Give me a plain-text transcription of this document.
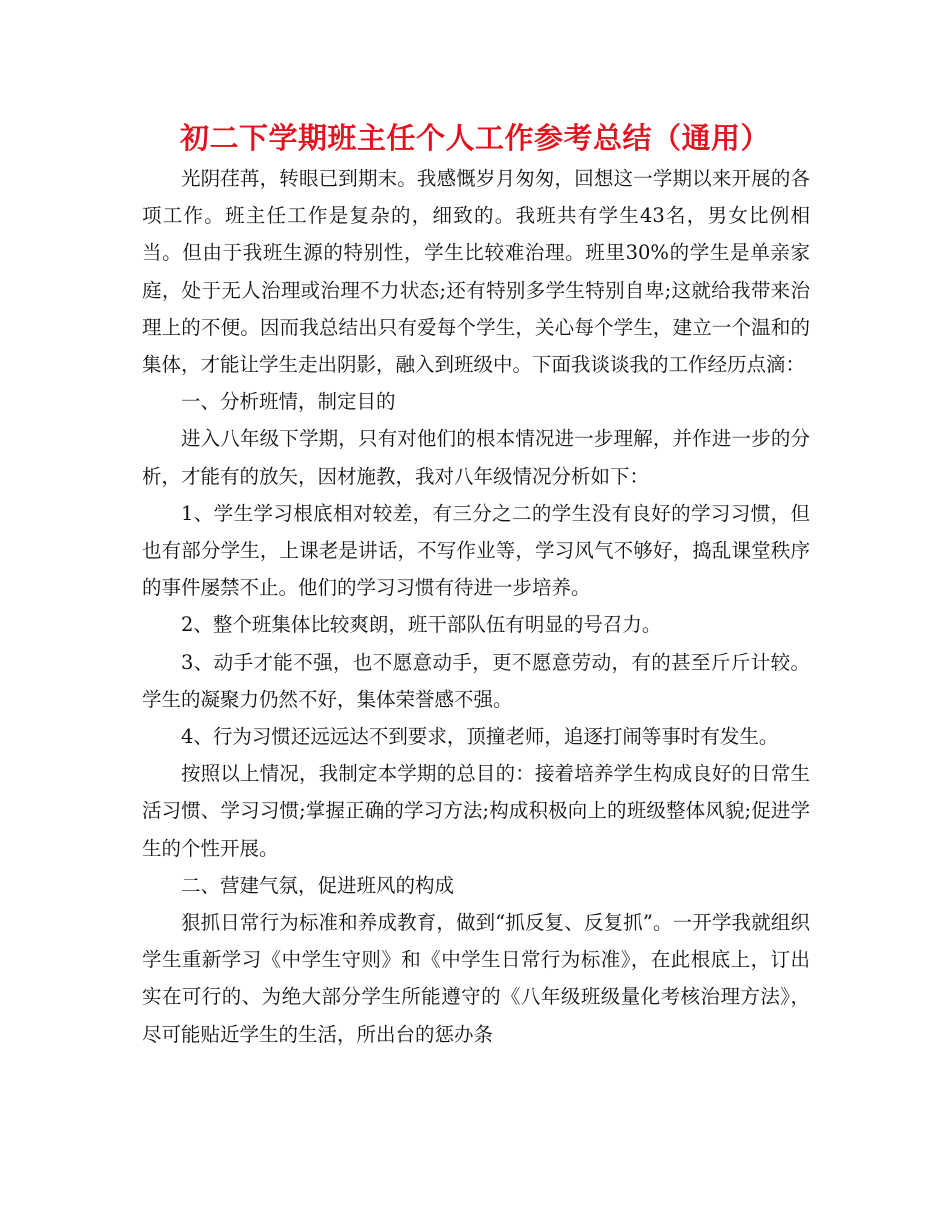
初二下学期班主任个人工作参考总结（通用）

光阴荏苒，转眼已到期末。我感慨岁月匆匆，回想这一学期以来开展的各项工作。班主任工作是复杂的，细致的。我班共有学生43名，男女比例相当。但由于我班生源的特别性，学生比较难治理。班里30%的学生是单亲家庭，处于无人治理或治理不力状态;还有特别多学生特别自卑;这就给我带来治理上的不便。因而我总结出只有爱每个学生，关心每个学生，建立一个温和的集体，才能让学生走出阴影，融入到班级中。下面我谈谈我的工作经历点滴：

一、分析班情，制定目的

进入八年级下学期，只有对他们的根本情况进一步理解，并作进一步的分析，才能有的放矢，因材施教，我对八年级情况分析如下：

1、学生学习根底相对较差，有三分之二的学生没有良好的学习习惯，但也有部分学生，上课老是讲话，不写作业等，学习风气不够好，捣乱课堂秩序的事件屡禁不止。他们的学习习惯有待进一步培养。

2、整个班集体比较爽朗，班干部队伍有明显的号召力。

3、动手才能不强，也不愿意动手，更不愿意劳动，有的甚至斤斤计较。学生的凝聚力仍然不好，集体荣誉感不强。

4、行为习惯还远远达不到要求，顶撞老师，追逐打闹等事时有发生。

按照以上情况，我制定本学期的总目的：接着培养学生构成良好的日常生活习惯、学习习惯;掌握正确的学习方法;构成积极向上的班级整体风貌;促进学生的个性开展。

二、营建气氛，促进班风的构成

狠抓日常行为标准和养成教育，做到“抓反复、反复抓”。一开学我就组织学生重新学习《中学生守则》和《中学生日常行为标准》，在此根底上，订出实在可行的、为绝大部分学生所能遵守的《八年级班级量化考核治理方法》，尽可能贴近学生的生活，所出台的惩办条
